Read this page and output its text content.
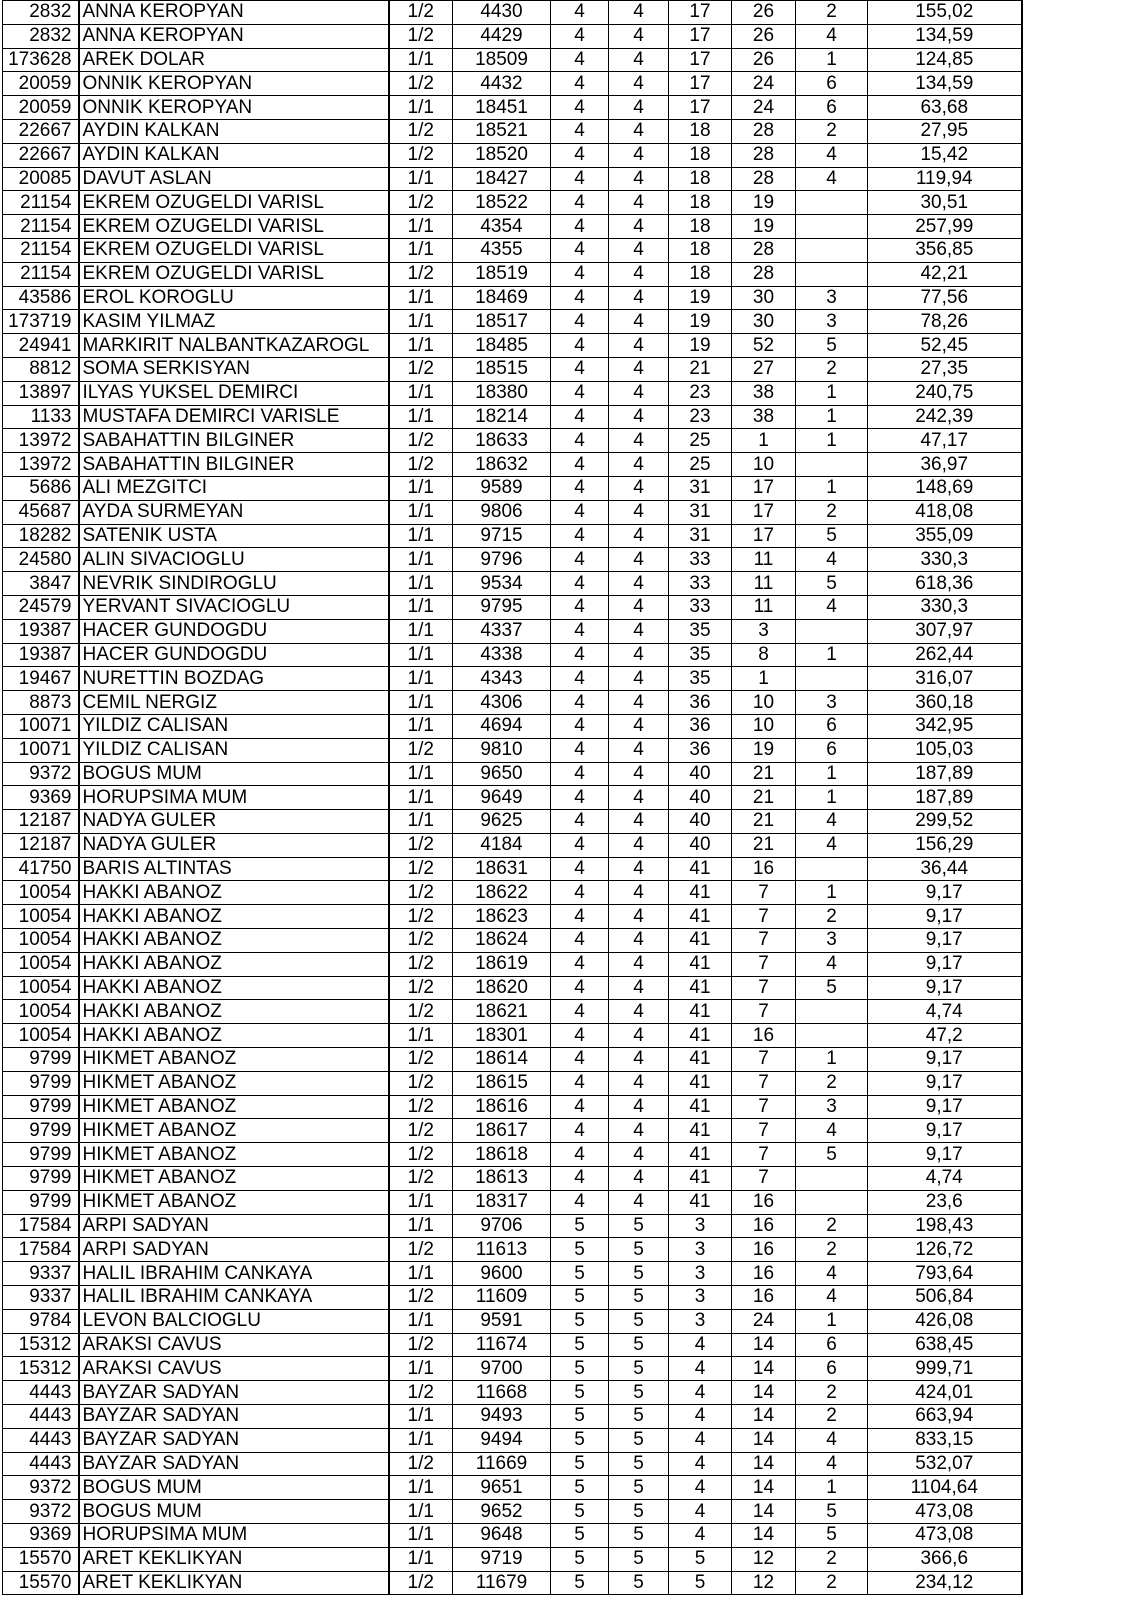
2832	ANNA KEROPYAN	1/2	4430	4	4	17	26	2	155,02
2832	ANNA KEROPYAN	1/2	4429	4	4	17	26	4	134,59
173628	AREK DOLAR	1/1	18509	4	4	17	26	1	124,85
20059	ONNIK KEROPYAN	1/2	4432	4	4	17	24	6	134,59
20059	ONNIK KEROPYAN	1/1	18451	4	4	17	24	6	63,68
22667	AYDIN KALKAN	1/2	18521	4	4	18	28	2	27,95
22667	AYDIN KALKAN	1/2	18520	4	4	18	28	4	15,42
20085	DAVUT ASLAN	1/1	18427	4	4	18	28	4	119,94
21154	EKREM OZUGELDI VARISL	1/2	18522	4	4	18	19		30,51
21154	EKREM OZUGELDI VARISL	1/1	4354	4	4	18	19		257,99
21154	EKREM OZUGELDI VARISL	1/1	4355	4	4	18	28		356,85
21154	EKREM OZUGELDI VARISL	1/2	18519	4	4	18	28		42,21
43586	EROL KOROGLU	1/1	18469	4	4	19	30	3	77,56
173719	KASIM YILMAZ	1/1	18517	4	4	19	30	3	78,26
24941	MARKIRIT NALBANTKAZAROGL	1/1	18485	4	4	19	52	5	52,45
8812	SOMA SERKISYAN	1/2	18515	4	4	21	27	2	27,35
13897	ILYAS YUKSEL DEMIRCI	1/1	18380	4	4	23	38	1	240,75
1133	MUSTAFA DEMIRCI VARISLE	1/1	18214	4	4	23	38	1	242,39
13972	SABAHATTIN BILGINER	1/2	18633	4	4	25	1	1	47,17
13972	SABAHATTIN BILGINER	1/2	18632	4	4	25	10		36,97
5686	ALI MEZGITCI	1/1	9589	4	4	31	17	1	148,69
45687	AYDA SURMEYAN	1/1	9806	4	4	31	17	2	418,08
18282	SATENIK USTA	1/1	9715	4	4	31	17	5	355,09
24580	ALIN SIVACIOGLU	1/1	9796	4	4	33	11	4	330,3
3847	NEVRIK SINDIROGLU	1/1	9534	4	4	33	11	5	618,36
24579	YERVANT SIVACIOGLU	1/1	9795	4	4	33	11	4	330,3
19387	HACER GUNDOGDU	1/1	4337	4	4	35	3		307,97
19387	HACER GUNDOGDU	1/1	4338	4	4	35	8	1	262,44
19467	NURETTIN BOZDAG	1/1	4343	4	4	35	1		316,07
8873	CEMIL NERGIZ	1/1	4306	4	4	36	10	3	360,18
10071	YILDIZ CALISAN	1/1	4694	4	4	36	10	6	342,95
10071	YILDIZ CALISAN	1/2	9810	4	4	36	19	6	105,03
9372	BOGUS MUM	1/1	9650	4	4	40	21	1	187,89
9369	HORUPSIMA MUM	1/1	9649	4	4	40	21	1	187,89
12187	NADYA GULER	1/1	9625	4	4	40	21	4	299,52
12187	NADYA GULER	1/2	4184	4	4	40	21	4	156,29
41750	BARIS ALTINTAS	1/2	18631	4	4	41	16		36,44
10054	HAKKI ABANOZ	1/2	18622	4	4	41	7	1	9,17
10054	HAKKI ABANOZ	1/2	18623	4	4	41	7	2	9,17
10054	HAKKI ABANOZ	1/2	18624	4	4	41	7	3	9,17
10054	HAKKI ABANOZ	1/2	18619	4	4	41	7	4	9,17
10054	HAKKI ABANOZ	1/2	18620	4	4	41	7	5	9,17
10054	HAKKI ABANOZ	1/2	18621	4	4	41	7		4,74
10054	HAKKI ABANOZ	1/1	18301	4	4	41	16		47,2
9799	HIKMET ABANOZ	1/2	18614	4	4	41	7	1	9,17
9799	HIKMET ABANOZ	1/2	18615	4	4	41	7	2	9,17
9799	HIKMET ABANOZ	1/2	18616	4	4	41	7	3	9,17
9799	HIKMET ABANOZ	1/2	18617	4	4	41	7	4	9,17
9799	HIKMET ABANOZ	1/2	18618	4	4	41	7	5	9,17
9799	HIKMET ABANOZ	1/2	18613	4	4	41	7		4,74
9799	HIKMET ABANOZ	1/1	18317	4	4	41	16		23,6
17584	ARPI SADYAN	1/1	9706	5	5	3	16	2	198,43
17584	ARPI SADYAN	1/2	11613	5	5	3	16	2	126,72
9337	HALIL IBRAHIM CANKAYA	1/1	9600	5	5	3	16	4	793,64
9337	HALIL IBRAHIM CANKAYA	1/2	11609	5	5	3	16	4	506,84
9784	LEVON BALCIOGLU	1/1	9591	5	5	3	24	1	426,08
15312	ARAKSI CAVUS	1/2	11674	5	5	4	14	6	638,45
15312	ARAKSI CAVUS	1/1	9700	5	5	4	14	6	999,71
4443	BAYZAR SADYAN	1/2	11668	5	5	4	14	2	424,01
4443	BAYZAR SADYAN	1/1	9493	5	5	4	14	2	663,94
4443	BAYZAR SADYAN	1/1	9494	5	5	4	14	4	833,15
4443	BAYZAR SADYAN	1/2	11669	5	5	4	14	4	532,07
9372	BOGUS MUM	1/1	9651	5	5	4	14	1	1104,64
9372	BOGUS MUM	1/1	9652	5	5	4	14	5	473,08
9369	HORUPSIMA MUM	1/1	9648	5	5	4	14	5	473,08
15570	ARET KEKLIKYAN	1/1	9719	5	5	5	12	2	366,6
15570	ARET KEKLIKYAN	1/2	11679	5	5	5	12	2	234,12
